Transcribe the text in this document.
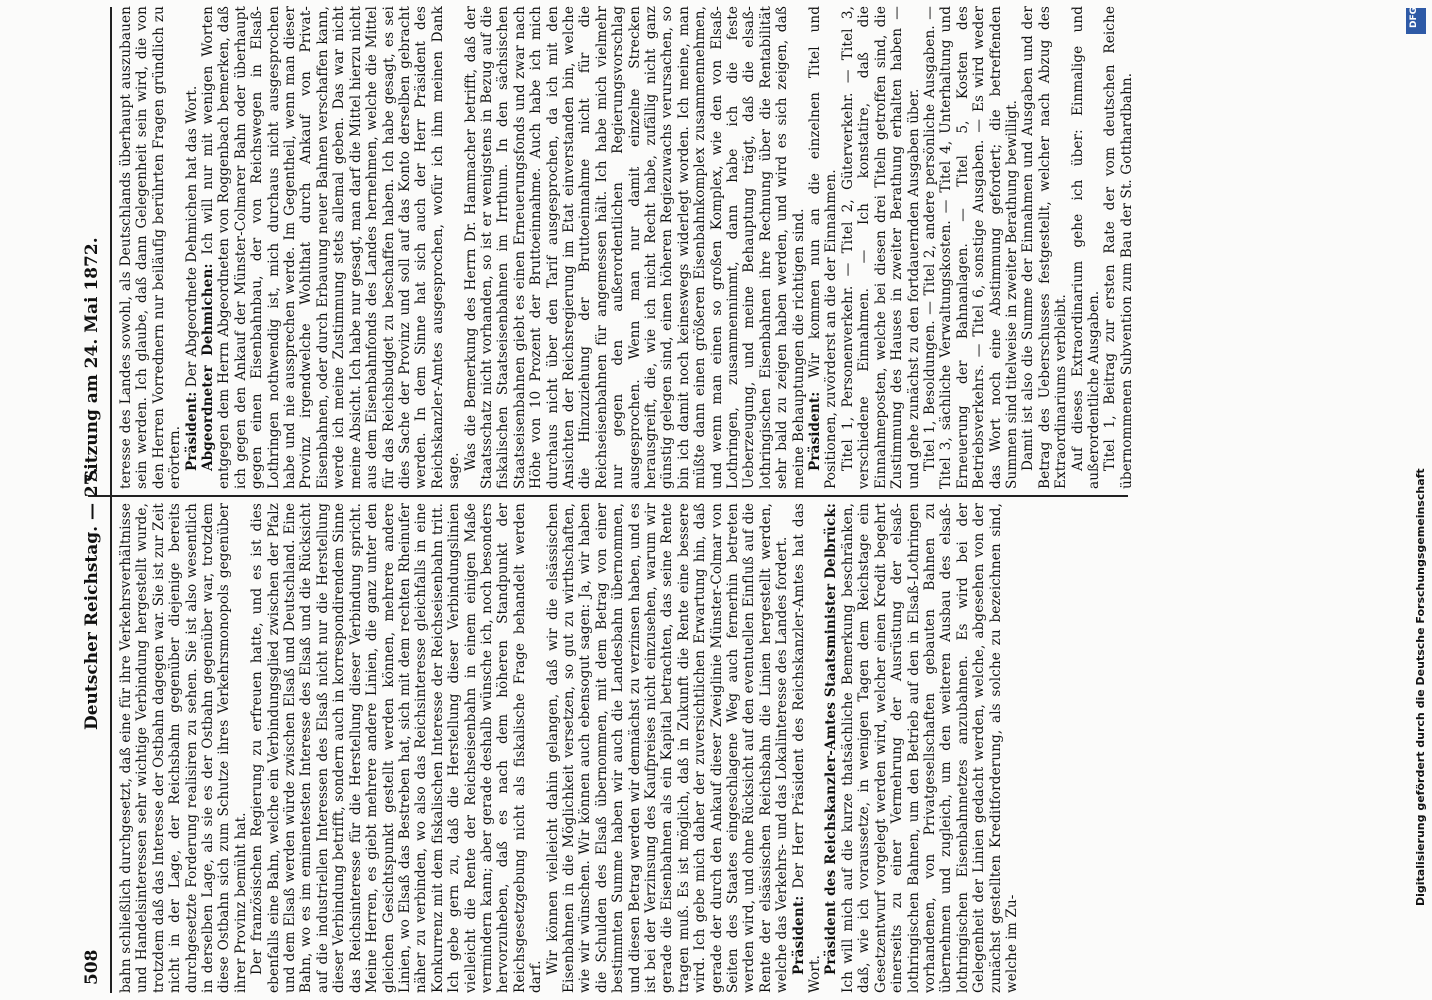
508
Deutscher Reichstag. — 27.
Sitzung am 24. Mai 1872.

bahn schließlich durchgesetzt, daß eine für ihre Verkehrsverhältnisse und Handelsinteressen sehr wichtige Verbindung hergestellt wurde, trotzdem daß das Interesse der Ostbahn dagegen war. Sie ist zur Zeit nicht in der Lage, der Reichsbahn gegenüber diejenige bereits durchgesetzte Forderung realisiren zu sehen. Sie ist also wesentlich in derselben Lage, als sie es der Ostbahn gegenüber war, trotzdem diese Ostbahn sich zum Schutze ihres Verkehrsmonopols gegenüber ihrer Provinz bemüht hat. Der französischen Regierung zu erfreuen hatte, und es ist dies ebenfalls eine Bahn, welche ein Verbindungsglied zwischen der Pfalz und dem Elsaß werden würde zwischen Elsaß und Deutschland. Eine Bahn, wo es im eminentesten Interesse des Elsaß und die Rücksicht auf die industriellen Interessen des Elsaß nicht nur die Herstellung dieser Verbindung betrifft, sondern auch in korrespondirendem Sinne das Reichsinteresse für die Herstellung dieser Verbindung spricht. Meine Herren, es giebt mehrere andere Linien, die ganz unter den gleichen Gesichtspunkt gestellt werden können, mehrere andere Linien, wo Elsaß das Bestreben hat, sich mit dem rechten Rheinufer näher zu verbinden, wo also das Reichsinteresse gleichfalls in eine Konkurrenz mit dem fiskalischen Interesse der Reichseisenbahn tritt. Ich gebe gern zu, daß die Herstellung dieser Verbindungslinien vielleicht die Rente der Reichseisenbahn in einem einigen Maße vermindern kann; aber gerade deshalb wünsche ich, noch besonders hervorzuheben, daß es nach dem höheren Standpunkt der Reichsgesetzgebung nicht als fiskalische Frage behandelt werden darf.

Wir können vielleicht dahin gelangen, daß wir die elsässischen Eisenbahnen in die Möglichkeit versetzen, so gut zu wirthschaften, wie wir wünschen. Wir können auch ebensogut sagen: Ja, wir haben die Schulden des Elsaß übernommen, mit dem Betrag von einer bestimmten Summe haben wir auch die Landesbahn übernommen, und diesen Betrag werden wir demnächst zu verzinsen haben, und es ist bei der Verzinsung des Kaufpreises nicht einzusehen, warum wir gerade die Eisenbahnen als ein Kapital betrachten, das seine Rente tragen muß. Es ist möglich, daß in Zukunft die Rente eine bessere wird. Ich gebe mich daher der zuversichtlichen Erwartung hin, daß gerade der durch den Ankauf dieser Zweiglinie Münster-Colmar von Seiten des Staates eingeschlagene Weg auch fernerhin betreten werden wird, und ohne Rücksicht auf den eventuellen Einfluß auf die Rente der elsässischen Reichsbahn die Linien hergestellt werden, welche das Verkehrs- und das Lokalinteresse des Landes fordert. Präsident: Der Herr Präsident des Reichskanzler-Amtes hat das Wort. Präsident des Reichskanzler-Amtes Staatsminister Delbrück: Ich will mich auf die kurze thatsächliche Bemerkung beschränken, daß, wie ich voraussetze, in wenigen Tagen dem Reichstage ein Gesetzentwurf vorgelegt werden wird, welcher einen Kredit begehrt einerseits zu einer Vermehrung der Ausrüstung der elsaß-lothringischen Bahnen, um den Betrieb auf den in Elsaß-Lothringen vorhandenen, von Privatgesellschaften gebauten Bahnen zu übernehmen und zugleich, um den weiteren Ausbau des elsaß-lothringischen Eisenbahnnetzes anzubahnen. Es wird bei der Gelegenheit der Linien gedacht werden, welche, abgesehen von der zunächst gestellten Kreditforderung, als solche zu bezeichnen sind, welche im Zu-

teresse des Landes sowohl, als Deutschlands überhaupt auszubauen sein werden. Ich glaube, daß dann Gelegenheit sein wird, die von den Herren Vorrednern nur beiläufig berührten Fragen gründlich zu erörtern. Präsident: Der Abgeordnete Dehmichen hat das Wort. Abgeordneter Dehmichen: Ich will nur mit wenigen Worten entgegen dem Herrn Abgeordneten von Roggenbach bemerken, daß ich gegen den Ankauf der Münster-Colmarer Bahn oder überhaupt gegen einen Eisenbahnbau, der von Reichswegen in Elsaß-Lothringen nothwendig ist, mich durchaus nicht ausgesprochen habe und nie aussprechen werde. Im Gegentheil, wenn man dieser Provinz irgendwelche Wohlthat durch Ankauf von Privat-Eisenbahnen, oder durch Erbauung neuer Bahnen verschaffen kann, werde ich meine Zustimmung stets allemal geben. Das war nicht meine Absicht. Ich habe nur gesagt, man darf die Mittel hierzu nicht aus dem Eisenbahnfonds des Landes hernehmen, welche die Mittel für das Reichsbudget zu beschaffen haben. Ich habe gesagt, es sei dies Sache der Provinz und soll auf das Konto derselben gebracht werden. In dem Sinne hat sich auch der Herr Präsident des Reichskanzler-Amtes ausgesprochen, wofür ich ihm meinen Dank sage. Was die Bemerkung des Herrn Dr. Hammacher betrifft, daß der Staatsschatz nicht vorhanden, so ist er wenigstens in Bezug auf die fiskalischen Staatseisenbahnen im Irrthum. In den sächsischen Staatseisenbahnen giebt es einen Erneuerungsfonds und zwar nach Höhe von 10 Prozent der Bruttoeinnahme. Auch habe ich mich durchaus nicht über den Tarif ausgesprochen, da ich mit den Ansichten der Reichsregierung im Etat einverstanden bin, welche die Hinzuziehung der Bruttoeinnahme nicht für die Reichseisenbahnen für angemessen hält. Ich habe mich vielmehr nur gegen den außerordentlichen Regierungsvorschlag ausgesprochen. Wenn man nur damit einzelne Strecken herausgreift, die, wie ich nicht Recht habe, zufällig nicht ganz günstig gelegen sind, einen höheren Regiezuwachs verursachen, so bin ich damit noch keineswegs widerlegt worden. Ich meine, man müßte dann einen größeren Eisenbahnkomplex zusammennehmen, und wenn man einen so großen Komplex, wie den von Elsaß-Lothringen, zusammennimmt, dann habe ich die feste Ueberzeugung, und meine Behauptung trägt, daß die elsaß-lothringischen Eisenbahnen ihre Rechnung über die Rentabilität sehr bald zu zeigen haben werden, und wird es sich zeigen, daß meine Behauptungen die richtigen sind. Präsident: Wir kommen nun an die einzelnen Titel und Positionen, zuvörderst an die der Einnahmen. Titel 1, Personenverkehr. — Titel 2, Güterverkehr. — Titel 3, verschiedene Einnahmen. — Ich konstatire, daß die Einnahmeposten, welche bei diesen drei Titeln getroffen sind, die Zustimmung des Hauses in zweiter Berathung erhalten haben — und gehe zunächst zu den fortdauernden Ausgaben über. Titel 1, Besoldungen. — Titel 2, andere persönliche Ausgaben. — Titel 3, sächliche Verwaltungskosten. — Titel 4, Unterhaltung und Erneuerung der Bahnanlagen. — Titel 5, Kosten des Betriebsverkehrs. — Titel 6, sonstige Ausgaben. — Es wird weder das Wort noch eine Abstimmung gefordert; die betreffenden Summen sind titelweise in zweiter Berathung bewilligt. Damit ist also die Summe der Einnahmen und Ausgaben und der Betrag des Ueberschusses festgestellt, welcher nach Abzug des Extraordinariums verbleibt. Auf dieses Extraordinarium gehe ich über: Einmalige und außerordentliche Ausgaben. Titel 1, Beitrag zur ersten Rate der vom deutschen Reiche übernommenen Subvention zum Bau der St. Gotthardbahn.

Digitalisierung gefördert durch die Deutsche Forschungsgemeinschaft
DFG
